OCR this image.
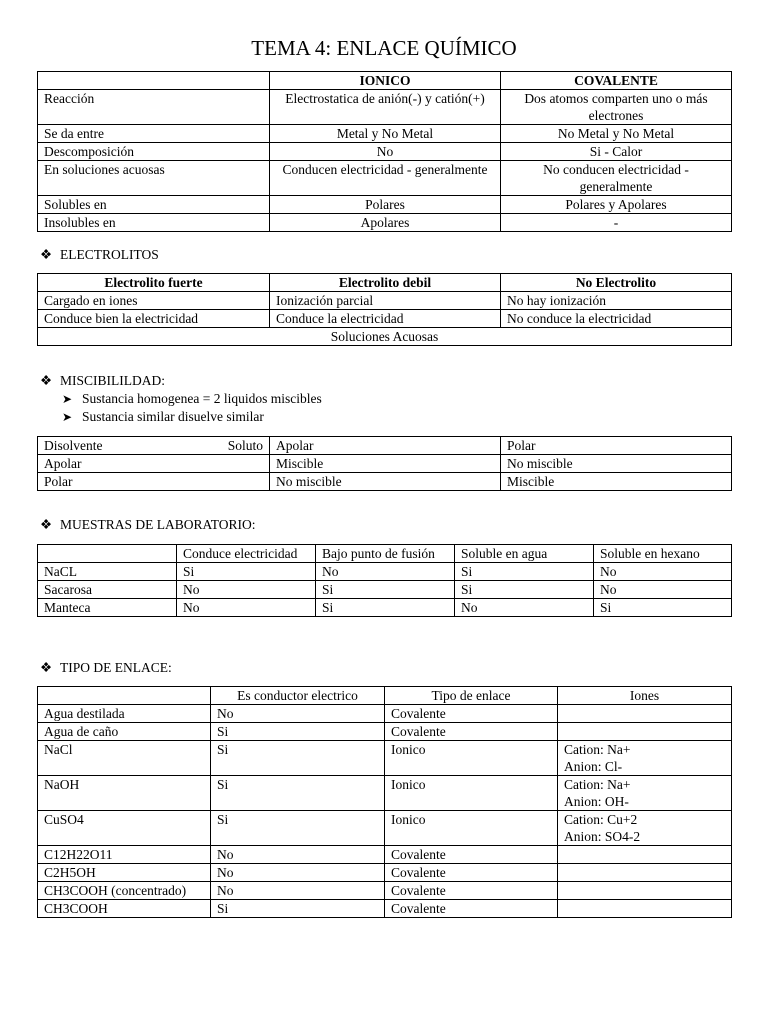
TEMA 4: ENLACE QUÍMICO
	IONICO	COVALENTE
Reacción	Electrostatica de anión(-) y catión(+)	Dos atomos comparten uno o más electrones
Se da entre	Metal y No Metal	No Metal y No Metal
Descomposición	No	Si - Calor
En soluciones acuosas	Conducen electricidad - generalmente	No conducen electricidad - generalmente
Solubles en	Polares	Polares y Apolares
Insolubles en	Apolares	-
❖ ELECTROLITOS
Electrolito fuerte	Electrolito debil	No Electrolito
Cargado en iones	Ionización parcial	No hay ionización
Conduce bien la electricidad	Conduce la electricidad	No conduce la electricidad
Soluciones Acuosas		
❖ MISCIBILILDAD:
➤ Sustancia homogenea = 2 liquidos miscibles
➤ Sustancia similar disuelve similar
Disolvente Soluto	Apolar	Polar
Apolar	Miscible	No miscible
Polar	No miscible	Miscible
❖ MUESTRAS DE LABORATORIO:
	Conduce electricidad	Bajo punto de fusión	Soluble en agua	Soluble en hexano
NaCL	Si	No	Si	No
Sacarosa	No	Si	Si	No
Manteca	No	Si	No	Si
❖ TIPO DE ENLACE:
	Es conductor electrico	Tipo de enlace	Iones
Agua destilada	No	Covalente	
Agua de caño	Si	Covalente	
NaCl	Si	Ionico	Cation: Na+
Anion: Cl-

NaOH	Si	Ionico	Cation: Na+
Anion: OH-

CuSO4	Si	Ionico	Cation: Cu+2
Anion: SO4-2

C12H22O11	No	Covalente	
C2H5OH	No	Covalente	
CH3COOH (concentrado)	No	Covalente	
CH3COOH	Si	Covalente	
